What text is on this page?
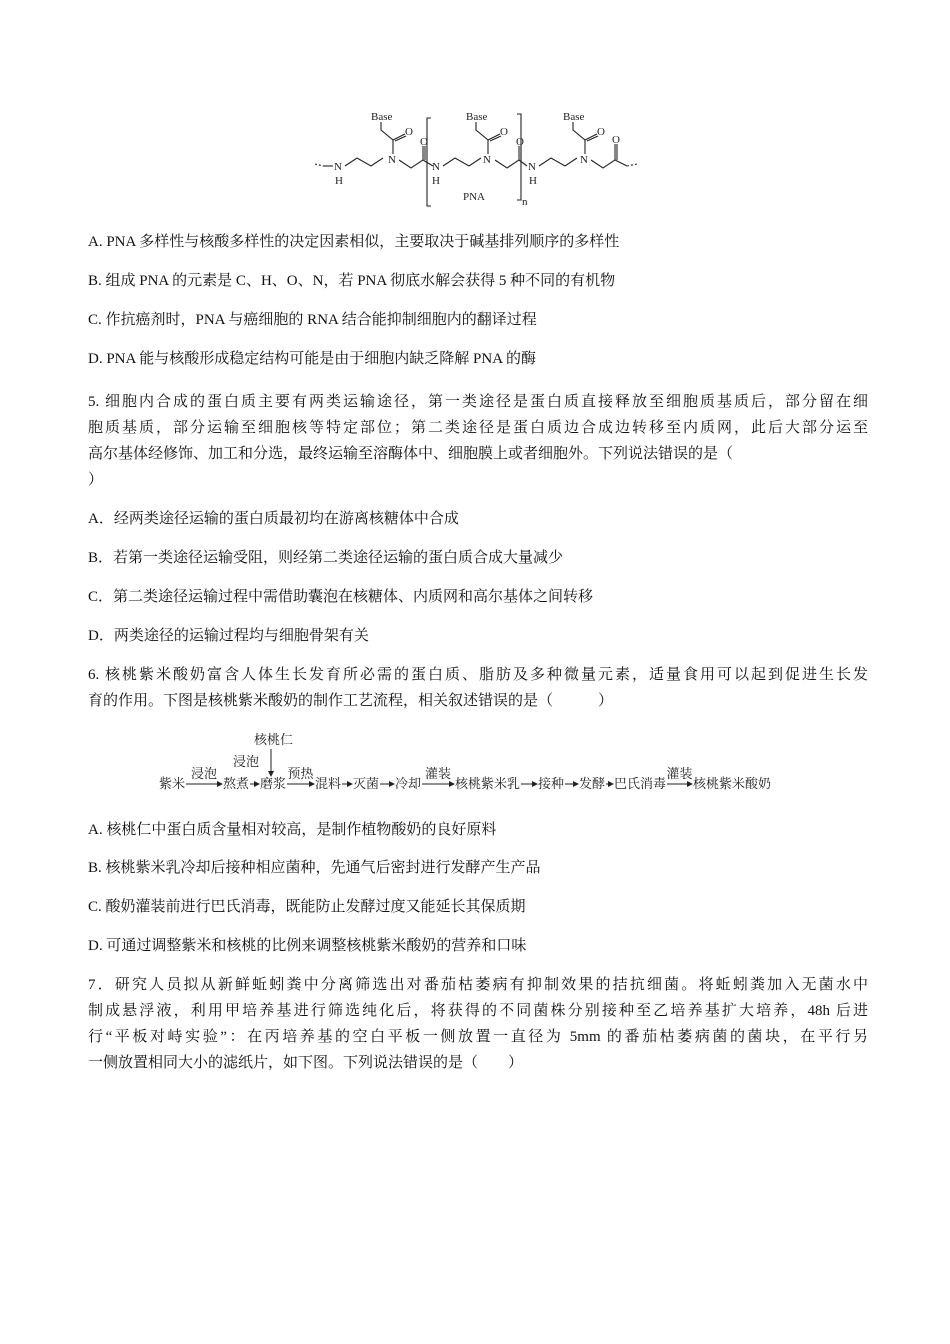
Base	Base	Base
O
O
O
O
O
O
N
H
N
N
H
N
N
H
n
N
PNA
A. PNA 多样性与核酸多样性的决定因素相似，主要取决于碱基排列顺序的多样性
B. 组成 PNA 的元素是 C、H、O、N，若 PNA 彻底水解会获得 5 种不同的有机物
C. 作抗癌剂时，PNA 与癌细胞的 RNA 结合能抑制细胞内的翻译过程
D. PNA 能与核酸形成稳定结构可能是由于细胞内缺乏降解 PNA 的酶
5. 细胞内合成的蛋白质主要有两类运输途径，第一类途径是蛋白质直接释放至细胞质基质后，部分留在细
胞质基质，部分运输至细胞核等特定部位；第二类途径是蛋白质边合成边转移至内质网，此后大部分运至
高尔基体经修饰、加工和分选，最终运输至溶酶体中、细胞膜上或者细胞外。下列说法错误的是（
）
A．经两类途径运输的蛋白质最初均在游离核糖体中合成
B．若第一类途径运输受阻，则经第二类途径运输的蛋白质合成大量减少
C．第二类途径运输过程中需借助囊泡在核糖体、内质网和高尔基体之间转移
D．两类途径的运输过程均与细胞骨架有关
6. 核桃紫米酸奶富含人体生长发育所必需的蛋白质、脂肪及多种微量元素，适量食用可以起到促进生长发
育的作用。下图是核桃紫米酸奶的制作工艺流程，相关叙述错误的是（　　　）
核桃仁
浸泡
紫米
浸泡
熬煮 磨浆
预热
混料 灭菌 冷却
灌装
核桃紫米乳 接种 发酵 巴氏消毒
灌装
核桃紫米酸奶
A. 核桃仁中蛋白质含量相对较高，是制作植物酸奶的良好原料
B. 核桃紫米乳冷却后接种相应菌种，先通气后密封进行发酵产生产品
C. 酸奶灌装前进行巴氏消毒，既能防止发酵过度又能延长其保质期
D. 可通过调整紫米和核桃的比例来调整核桃紫米酸奶的营养和口味
7．研究人员拟从新鲜蚯蚓粪中分离筛选出对番茄枯萎病有抑制效果的拮抗细菌。将蚯蚓粪加入无菌水中
制成悬浮液，利用甲培养基进行筛选纯化后，将获得的不同菌株分别接种至乙培养基扩大培养，48h 后进
行“平板对峙实验”：在丙培养基的空白平板一侧放置一直径为 5mm 的番茄枯萎病菌的菌块，在平行另
一侧放置相同大小的滤纸片，如下图。下列说法错误的是（　　）
